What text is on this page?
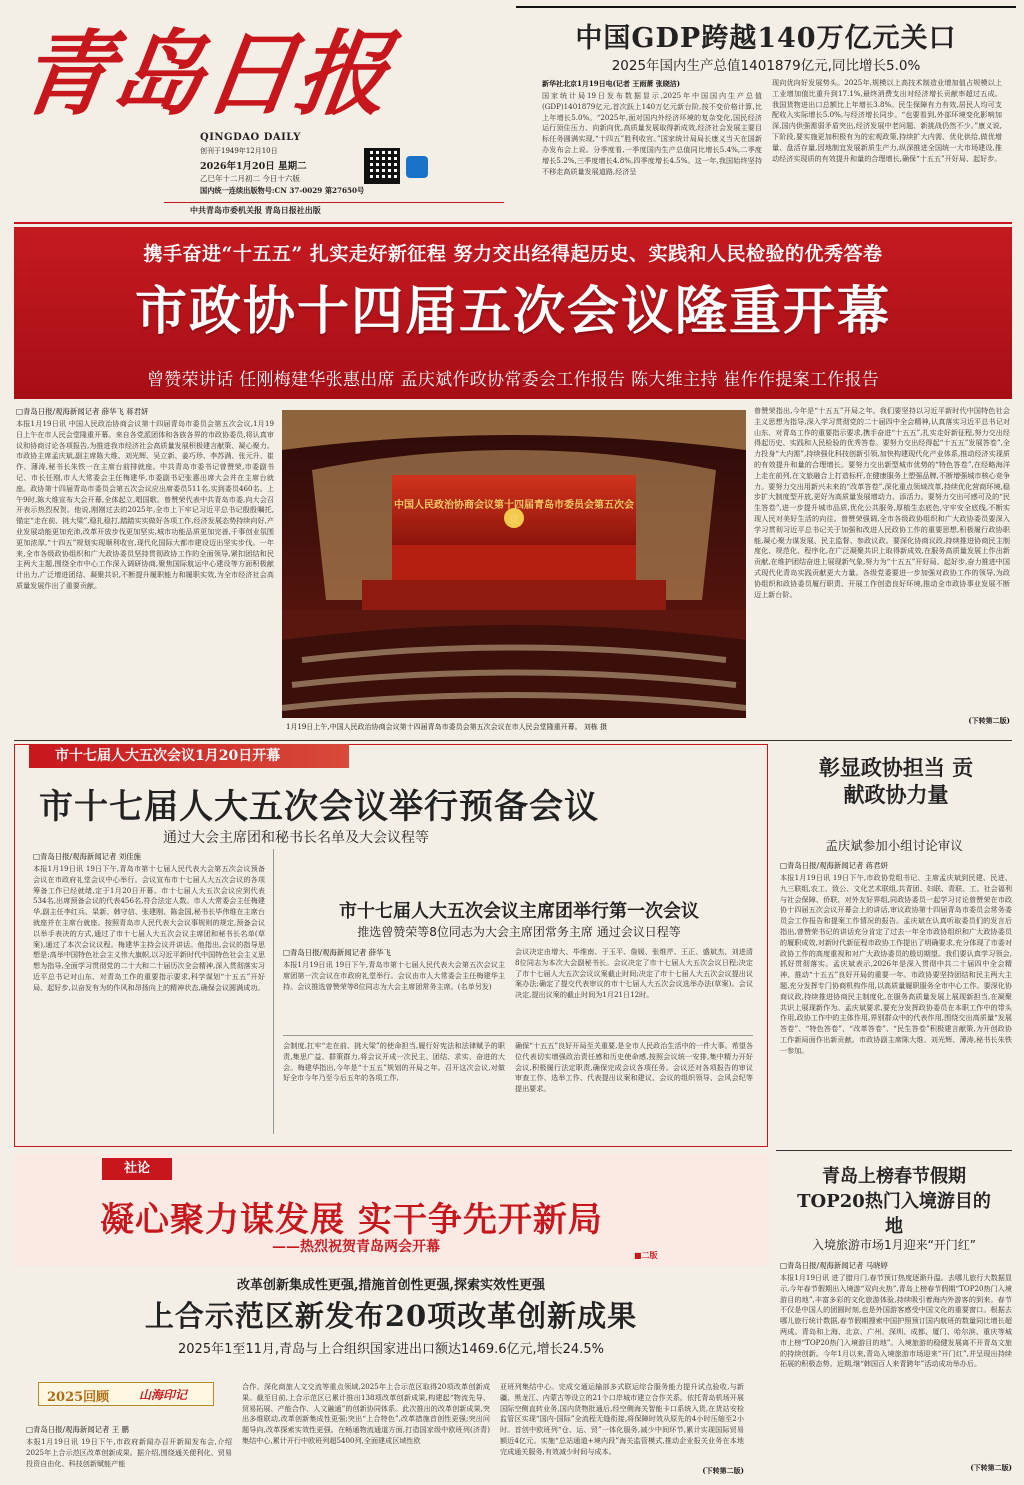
青岛日报
QINGDAO DAILY
创刊于1949年12月10日
2026年1月20日 星期二
乙巳年十二月初二 今日十六版
国内统一连续出版物号:CN 37-0029 第27650号
中共青岛市委机关报 青岛日报社出版
中国GDP跨越140万亿元关口
2025年国内生产总值1401879亿元,同比增长5.0%
新华社北京1月19日电(记者 王雨萧 张晓洁)
国家统计局19日发布数据显示,2025年中国国内生产总值(GDP)1401879亿元,首次跃上140万亿元新台阶,按不变价格计算,比上年增长5.0%。“2025年,面对国内外经济环境的复杂变化,国民经济运行顶住压力、向新向优,高质量发展取得新成效,经济社会发展主要目标任务圆满实现,“十四五”胜利收官。”国家统计局局长康义当天在国新办发布会上说。分季度看,一季度国内生产总值同比增长5.4%,二季度增长5.2%,三季度增长4.8%,四季度增长4.5%。这一年,我国始终坚持不移走高质量发展道路,经济呈
现向优向好发展势头。2025年,规模以上高技术制造业增加值占规模以上工业增加值比重升到17.1%,最终消费支出对经济增长贡献率超过五成。我国货物进出口总额比上年增长3.8%。民生保障有力有效,居民人均可支配收入实际增长5.0%,与经济增长同步。“也要看到,外部环境变化影响加深,国内供强需弱矛盾突出,经济发展中老问题、新挑战仍然不少。”康义说,下阶段,要实施更加积极有为的宏观政策,持续扩大内需、优化供给,做优增量、盘活存量,因地制宜发展新质生产力,纵深推进全国统一大市场建设,推动经济实现质的有效提升和量的合理增长,确保“十五五”开好局、起好步。
携手奋进“十五五” 扎实走好新征程 努力交出经得起历史、实践和人民检验的优秀答卷
市政协十四届五次会议隆重开幕
曾赞荣讲话 任刚梅建华张惠出席 孟庆斌作政协常委会工作报告 陈大维主持 崔作作提案工作报告
□青岛日报/观海新闻记者 薛华飞 蒋君妍
本报1月19日讯 中国人民政治协商会议第十四届青岛市委员会第五次会议,1月19日上午在市人民会堂隆重开幕。来自各党派团体和各族各界的市政协委员,将认真审议和协商讨论各项报告,为推进我市经济社会高质量发展积极建言献策、凝心聚力。市政协主席孟庆斌,副主席陈大维、刘光辉、吴立新、姜巧珍、李苏满、张元升、崔作、薄涛,秘书长朱铁一在主席台前排就座。中共青岛市委书记曾赞荣,市委副书记、市长任刚,市人大常委会主任梅建华,市委副书记张惠出席大会并在主席台就座。政协第十四届青岛市委员会第五次会议应出席委员511名,实到委员460名。上午9时,陈大维宣布大会开幕,全体起立,唱国歌。曾赞荣代表中共青岛市委,向大会召开表示热烈祝贺。他说,刚刚过去的2025年,全市上下牢记习近平总书记殷殷嘱托,锚定“走在前、挑大梁”,稳扎稳打,踏踏实实做好各项工作,经济发展态势持续向好,产业发展动能更加充沛,改革开放步伐更加坚实,城市功能品质更加完善,千事创业氛围更加浓厚,“十四五”规划实现顺利收官,现代化国际大都市建设迈出坚实步伐。一年来,全市各级政协组织和广大政协委员坚持贯彻政协工作的全面领导,紧扣团结和民主两大主题,围绕全市中心工作深入调研协商,聚焦国际航运中心建设等方面积极献计出力,广泛增进团结、凝聚共识,不断提升履职能力和履职实效,为全市经济社会高质量发展作出了重要贡献。
中国人民政治协商会议第十四届青岛市委员会第五次会议
1月19日上午,中国人民政治协商会议第十四届青岛市委员会第五次会议在市人民会堂隆重开幕。 刘栋 摄
曾赞荣指出,今年是“十五五”开局之年。我们要坚持以习近平新时代中国特色社会主义思想为指导,深入学习贯彻党的二十届四中全会精神,认真落实习近平总书记对山东、对青岛工作的重要指示要求,携手奋进“十五五”,扎实走好新征程,努力交出经得起历史、实践和人民检验的优秀答卷。要努力交出经得起“十五五”发展答卷”,全力投身“大内需”,持续强化科技创新引领,加快构建现代化产业体系,推动经济实现质的有效提升和量的合理增长。要努力交出新型城市优势的“特色答卷”,在经略海洋上走在前列,在文旅融合上打造标杆,在健康服务上塑强品牌,不断增强城市核心竞争力。要努力交出用新兴未来的“改革答卷”,深化重点领域改革,持续优化营商环境,稳步扩大制度型开放,更好为高质量发展增动力、添活力。要努力交出可感可及的“民生答卷”,进一步提升城市品质,优化公共服务,厚植生态底色,守牢安全底线,不断实现人民对美好生活的向往。曾赞荣强调,全市各级政协组织和广大政协委员要深入学习贯彻习近平总书记关于加强和改进人民政协工作的重要思想,积极履行政协职能,凝心聚力谋发展、民主监督、参政议政。要深化协商议政,持续推进协商民主制度化、规范化、程序化,在广泛凝聚共识上取得新成效,在服务高质量发展上作出新贡献,在维护团结奋进上展现新气象,努力为“十五五”开好局、起好步,奋力推进中国式现代化青岛实践贡献更大力量。各级党委要进一步加强对政协工作的领导,为政协组织和政协委员履行职责、开展工作创造良好环境,推动全市政协事业发展不断迈上新台阶。
(下转第二版)
市十七届人大五次会议1月20日开幕
市十七届人大五次会议举行预备会议
通过大会主席团和秘书长名单及大会议程等
□青岛日报/观海新闻记者 刘佳施
本报1月19日讯 19日下午,青岛市第十七届人民代表大会第五次会议预备会议在市政府礼堂会议中心举行。会议宣布市十七届人大五次会议的各项筹备工作已经就绪,定于1月20日开幕。市十七届人大五次会议应到代表534名,出席预备会议的代表456名,符合法定人数。市人大常委会主任梅建华,副主任李红兵、杲新、韩守信、张建刚、陈金国,秘书长毕伟维在主席台就座并在主席台就座。按照青岛市人民代表大会议事规则的规定,预备会议以举手表决的方式,通过了市十七届人大五次会议主席团和秘书长名单(草案),通过了本次会议议程。梅建华主持会议并讲话。他指出,会议的指导思想是:高举中国特色社会主义伟大旗帜,以习近平新时代中国特色社会主义思想为指导,全面学习贯彻党的二十大和二十届历次全会精神,深入贯彻落实习近平总书记对山东、对青岛工作的重要指示要求,科学谋划“十五五”开好局、起好步,以奋发有为的作风和昂扬向上的精神状态,确保会议圆满成功。
市十七届人大五次会议主席团举行第一次会议
推选曾赞荣等8位同志为大会主席团常务主席 通过会议日程等
□青岛日报/观海新闻记者 薛华飞
本报1月19日讯 19日下午,青岛市第十七届人民代表大会第五次会议主席团第一次会议在市政府礼堂举行。会议由市人大常委会主任梅建华主持。会议推选曾赞荣等8位同志为大会主席团常务主席。(名单另发)
会议决定由增大、毕维南、于玉平、詹媛、张维芹、王正、盛斌杰、刘进清8位同志为本次大会副秘书长。会议决定了市十七届人大五次会议日程;决定了市十七届人大五次会议议案截止时间;决定了市十七届人大五次会议提出议案办法;确定了提交代表审议的市十七届人大五次会议选举办法(草案)。会议决定,提出议案的截止时间为1月21日12时。
会制度,扛牢“走在前、挑大梁”的使命担当,履行好宪法和法律赋予的职责,集思广益、群策群力,将会议开成一次民主、团结、求实、奋进的大会。梅建华指出,今年是“十五五”规划的开局之年。召开这次会议,对做好全市今年乃至今后五年的各项工作,
确保“十五五”良好开局至关重要,是全市人民政治生活中的一件大事。希望各位代表切实增强政治责任感和历史使命感,按照会议统一安排,集中精力开好会议,积极履行法定职责,确保完成会议各项任务。会议还对各项报告的审议审查工作、选举工作、代表提出议案和建议、会议的组织领导、会风会纪等提出要求。
彰显政协担当 贡献政协力量
孟庆斌参加小组讨论审议
□青岛日报/观海新闻记者 蒋君妍
本报1月19日讯 19日下午,市政协党组书记、主席孟庆斌到民建、民进、九三联组,农工、致公、文化艺术联组,共青团、妇联、青联、工、社会福利与社会保障、侨联、对外友好界组,同政协委员一起学习讨论曾赞荣在市政协十四届五次会议开幕会上的讲话,审议政协第十四届青岛市委员会常务委员会工作报告和提案工作情况的报告。孟庆斌在认真听取委员们的发言后指出,曾赞荣书记的讲话充分肯定了过去一年全市政协组织和广大政协委员的履职成效,对新时代新征程市政协工作提出了明确要求,充分体现了市委对政协工作的高度重视和对广大政协委员的殷切期望。我们要认真学习领会,抓好贯彻落实。孟庆斌表示,2026年是深入贯彻中共二十届四中全会精神、推动“十五五”良好开局的重要一年。市政协要坚持团结和民主两大主题,充分发挥专门协商机构作用,以高质量履职服务全市中心工作。要深化协商议政,持续推进协商民主制度化,在服务高质量发展上展现新担当,在凝聚共识上展现新作为。孟庆斌要求,要充分发挥政协委员在本职工作中的带头作用,政协工作中的主体作用,界别群众中的代表作用,围绕交出高质量“发展答卷”、“特色答卷”、“改革答卷”、“民生答卷”积极建言献策,为开创政协工作新局面作出新贡献。市政协副主席陈大维、刘光辉、薄涛,秘书长朱铁一参加。
社论
凝心聚力谋发展 实干争先开新局
——热烈祝贺青岛两会开幕	■二版
改革创新集成性更强,措施首创性更强,探索实效性更强
上合示范区新发布20项改革创新成果
2025年1至11月,青岛与上合组织国家进出口额达1469.6亿元,增长24.5%
2025回顾 山海印记
□青岛日报/观海新闻记者 王 鹏
本报1月19日讯 19日下午,市政府新闻办召开新闻发布会,介绍2025年上合示范区改革创新成果。据介绍,围绕通关便利化、贸易投资自由化、科技创新赋能产能
合作、深化商旅人文交流等重点领域,2025年上合示范区取得20项改革创新成果。截至目前,上合示范区已累计推出138项改革创新成果,构建起“物流先导、贸易拓展、产能合作、人文融通”的创新协同体系。此次推出的改革创新成果,突出多维联动,改革创新集成性更强;突出“上合特色”,改革措施首创性更强;突出问题导向,改革探索实效性更强。在畅通物流通道方面,打造国家级中欧班列(济青)集结中心,累计开行中欧班列超5400列,全面建成区域性欧
亚班列集结中心。完成交通运输部多式联运综合服务能力提升试点验收,与新疆、黑龙江、内蒙古等设立的21个口岸城市建立合作关系。依托青岛机场开展国际空侧直转业务,国内货物批通后,经空侧海关智能卡口系统入货,在货站安检监管区实现“国内-国际”全流程无缝衔接,将保障时效从原先的4小时压缩至2小时。首创中欧班列“仓、运、贸”一体化服务,减少中间环节,累计实现国际贸易额近4亿元。实施“总站通道+境内段”海关监管模式,推动企业报关业务在本地完成通关服务,有效减少时间与成本。
(下转第二版)
青岛上榜春节假期 TOP20热门入境游目的地
入境旅游市场1月迎来“开门红”
□青岛日报/观海新闻记者 马晓婷
本报1月19日讯 进了腊月门,春节预订热度逐渐升温。去哪儿旅行大数据显示,今年春节假期出入境游“双向火热”,青岛上榜春节假期“TOP20热门入境游目的地”,丰富多彩的文化旅游体验,持续吸引着海内外游客的到来。春节不仅是中国人的团圆时刻,也是外国游客感受中国文化的重要窗口。根据去哪儿旅行统计数据,春节假期搜索中国护照预订国内航班的数量同比增长超两成。青岛和上海、北京、广州、深圳、成都、厦门、哈尔滨、重庆等城市上榜“TOP20热门入境游目的地”。入境旅游的稳健发展离不开青岛文旅的持续创新。今年1月以来,青岛入境旅游市场迎来“开门红”,并呈现出持续拓展的积极态势。近期,继“韩国百人来青跨年”活动成功举办后。
(下转第二版)
